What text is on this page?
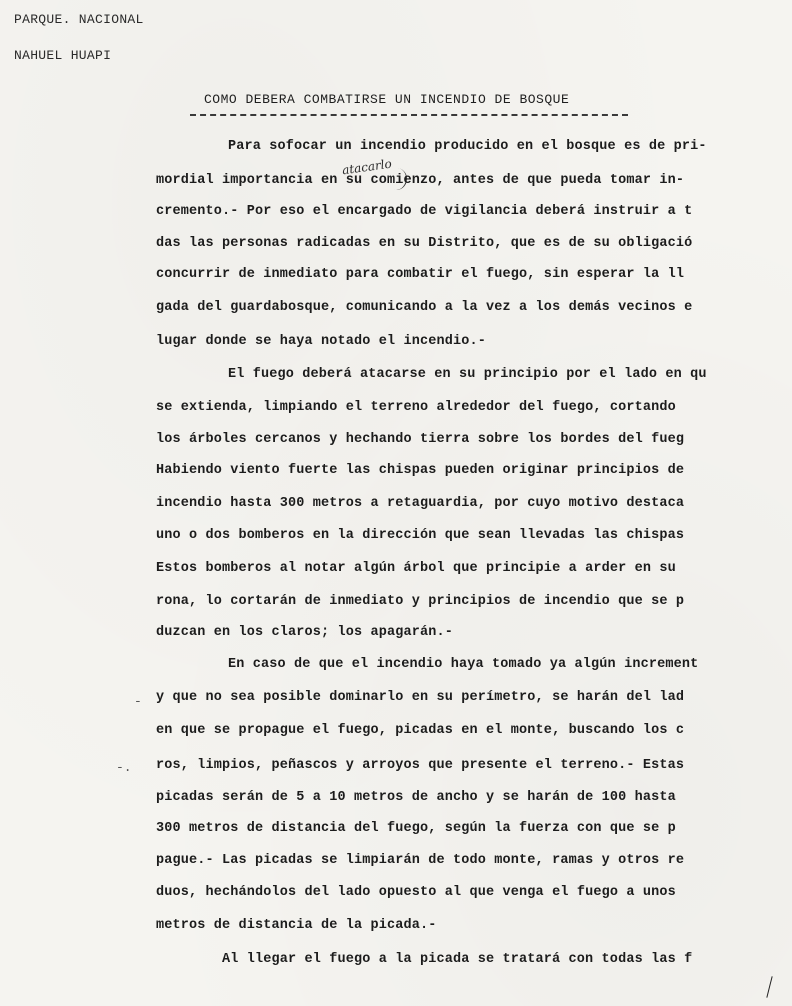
PARQUE. NACIONAL
NAHUEL HUAPI
COMO DEBERA COMBATIRSE UN INCENDIO DE BOSQUE
atacarlo
Para sofocar un incendio producido en el bosque es de pri-
mordial importancia en su comienzo, antes de que pueda tomar in-
cremento.- Por eso el encargado de vigilancia deberá instruir a t
das las personas radicadas en su Distrito, que es de su obligació
concurrir de inmediato para combatir el fuego, sin esperar la ll
gada del guardabosque, comunicando a la vez a los demás vecinos e
lugar donde se haya notado el incendio.-
El fuego deberá atacarse en su principio por el lado en qu
se extienda, limpiando el terreno alrededor del fuego, cortando
los árboles cercanos y hechando tierra sobre los bordes del fueg
Habiendo viento fuerte las chispas pueden originar principios de
incendio hasta 300 metros a retaguardia, por cuyo motivo destaca
uno o dos bomberos en la dirección que sean llevadas las chispas
Estos bomberos al notar algún árbol que principie a arder en su
rona, lo cortarán de inmediato y principios de incendio que se p
duzcan en los claros; los apagarán.-
En caso de que el incendio haya tomado ya algún increment
y que no sea posible dominarlo en su perímetro, se harán del lad
en que se propague el fuego, picadas en el monte, buscando los c
ros, limpios, peñascos y arroyos que presente el terreno.- Estas
picadas serán de 5 a 10 metros de ancho y se harán de 100 hasta
300 metros de distancia del fuego, según la fuerza con que se p
pague.- Las picadas se limpiarán de todo monte, ramas y otros re
duos, hechándolos del lado opuesto al que venga el fuego a unos
metros de distancia de la picada.-
Al llegar el fuego a la picada se tratará con todas las f
-
-.
